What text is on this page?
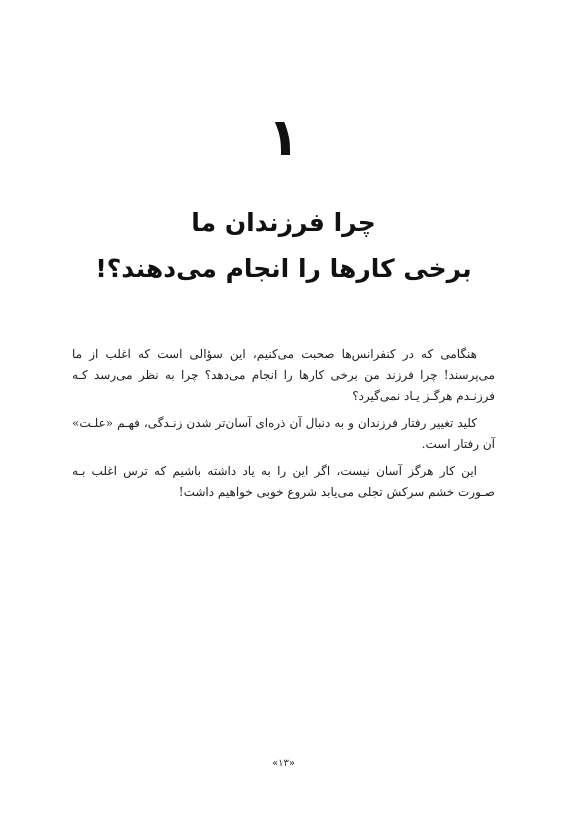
۱
چرا فرزندان ما
برخی کارها را انجام می‌دهند؟!

هنگامی که در کنفرانس‌ها صحبت می‌کنیم، این سؤالی است که اغلب از ما می‌پرسند! چرا فرزند من برخی کارها را انجام می‌دهد؟ چرا به نظر می‌رسد کـه فرزنـدم هرگـز یـاد نمی‌گیرد؟

کلید تغییر رفتار فرزندان و به دنبال آن ذره‌ای آسان‌تر شدن زنـدگی، فهـم «علـت» آن رفتار است.

این کار هرگز آسان نیست، اگر این را به یاد داشته باشیم که ترس اغلب بـه صـورت خشم سرکش تجلی می‌یابد شروع خوبی خواهیم داشت!

«۱۳»
